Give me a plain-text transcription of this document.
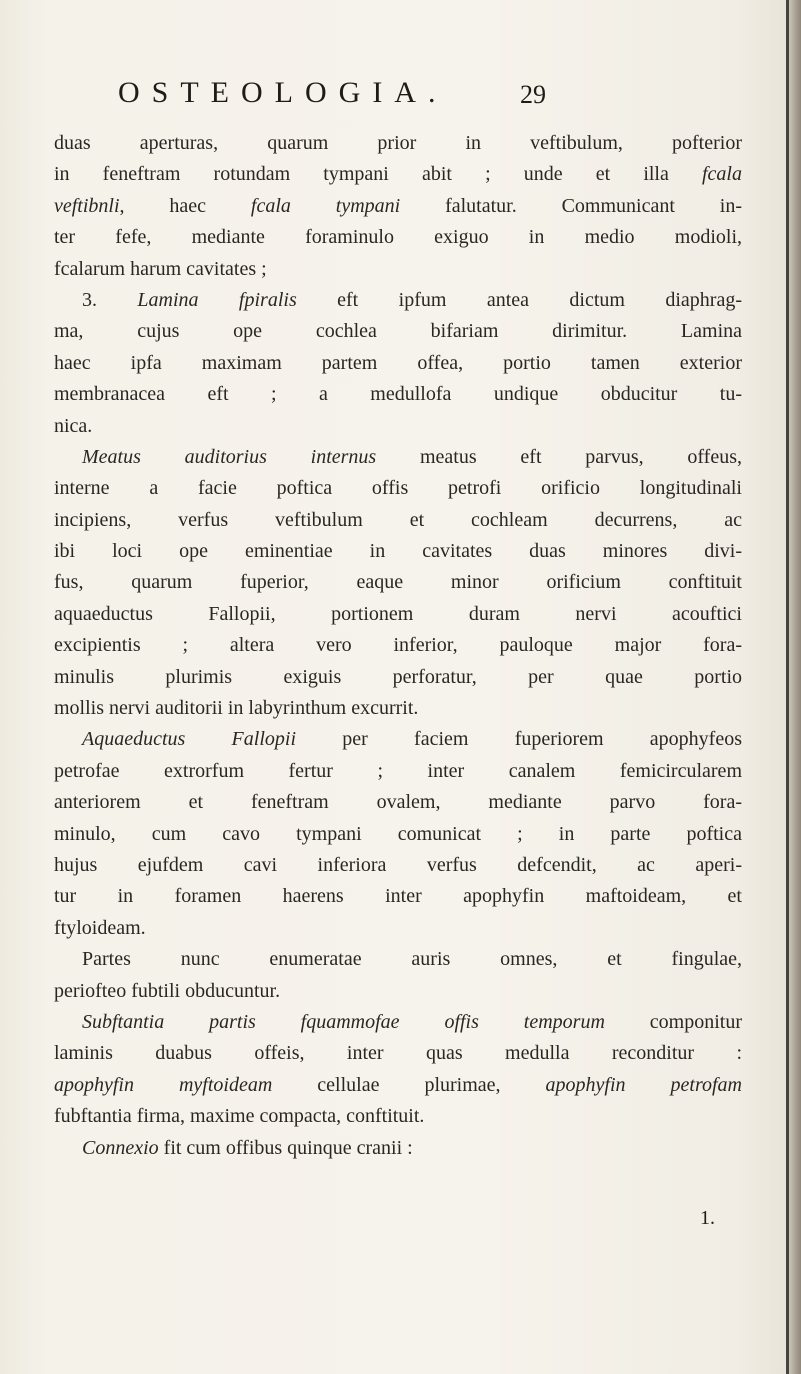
OSTEOLOGIA.	29
duas aperturas, quarum prior in veftibulum, pofterior
in feneftram rotundam tympani abit ; unde et illa fcala
veftibnli, haec fcala tympani falutatur. Communicant in-
ter fefe, mediante foraminulo exiguo in medio modioli,
fcalarum harum cavitates ;
3. Lamina fpiralis eft ipfum antea dictum diaphrag-
ma, cujus ope cochlea bifariam dirimitur. Lamina
haec ipfa maximam partem offea, portio tamen exterior
membranacea eft ; a medullofa undique obducitur tu-
nica.
Meatus auditorius internus meatus eft parvus, offeus,
interne a facie poftica offis petrofi orificio longitudinali
incipiens, verfus veftibulum et cochleam decurrens, ac
ibi loci ope eminentiae in cavitates duas minores divi-
fus, quarum fuperior, eaque minor orificium conftituit
aquaeductus Fallopii, portionem duram nervi acouftici
excipientis ; altera vero inferior, pauloque major fora-
minulis plurimis exiguis perforatur, per quae portio
mollis nervi auditorii in labyrinthum excurrit.
Aquaeductus Fallopii per faciem fuperiorem apophyfeos
petrofae extrorfum fertur ; inter canalem femicircularem
anteriorem et feneftram ovalem, mediante parvo fora-
minulo, cum cavo tympani comunicat ; in parte poftica
hujus ejufdem cavi inferiora verfus defcendit, ac aperi-
tur in foramen haerens inter apophyfin maftoideam, et
ftyloideam.
Partes nunc enumeratae auris omnes, et fingulae,
periofteo fubtili obducuntur.
Subftantia partis fquammofae offis temporum componitur
laminis duabus offeis, inter quas medulla reconditur :
apophyfin myftoideam cellulae plurimae, apophyfin petrofam
fubftantia firma, maxime compacta, conftituit.
Connexio fit cum offibus quinque cranii :
1.
